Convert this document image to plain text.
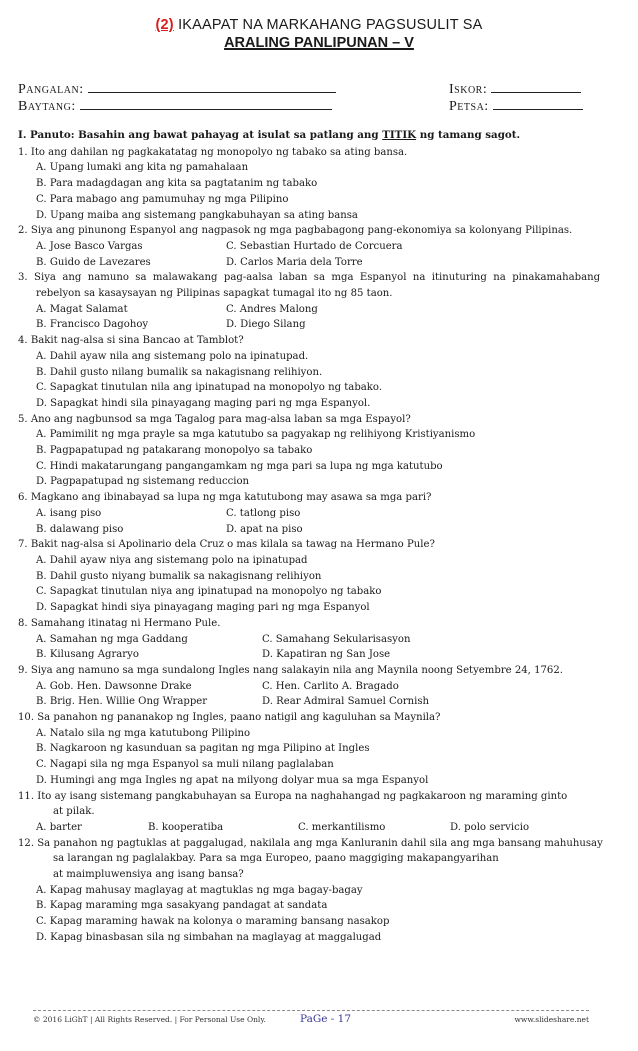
(2) IKAAPAT NA MARKAHANG PAGSUSULIT SA
ARALING PANLIPUNAN – V
Pangalan:	Iskor:
Baytang:	Petsa:
I. Panuto: Basahin ang bawat pahayag at isulat sa patlang ang TITIK ng tamang sagot.
1. Ito ang dahilan ng pagkakatatag ng monopolyo ng tabako sa ating bansa.
A. Upang lumaki ang kita ng pamahalaan
B. Para madagdagan ang kita sa pagtatanim ng tabako
C. Para mabago ang pamumuhay ng mga Pilipino
D. Upang maiba ang sistemang pangkabuhayan sa ating bansa
2. Siya ang pinunong Espanyol ang nagpasok ng mga pagbabagong pang-ekonomiya sa kolonyang Pilipinas.
A. Jose Basco Vargas	C. Sebastian Hurtado de Corcuera
B. Guido de Lavezares	D. Carlos Maria dela Torre
3.  Siya  ang  namuno  sa  malawakang  pag-aalsa  laban  sa  mga  Espanyol  na  itinuturing  na  pinakamahabang
rebelyon sa kasaysayan ng Pilipinas sapagkat tumagal ito ng 85 taon.
A. Magat Salamat	C. Andres Malong
B. Francisco Dagohoy	D. Diego Silang
4. Bakit nag-alsa si sina Bancao at Tamblot?
A. Dahil ayaw nila ang sistemang polo na ipinatupad.
B. Dahil gusto nilang bumalik sa nakagisnang relihiyon.
C. Sapagkat tinutulan nila ang ipinatupad na monopolyo ng tabako.
D. Sapagkat hindi sila pinayagang maging pari ng mga Espanyol.
5. Ano ang nagbunsod sa mga Tagalog para mag-alsa laban sa mga Espayol?
A. Pamimilit ng mga prayle sa mga katutubo sa pagyakap ng relihiyong Kristiyanismo
B. Pagpapatupad ng patakarang monopolyo sa tabako
C. Hindi makatarungang pangangamkam ng mga pari sa lupa ng mga katutubo
D. Pagpapatupad ng sistemang reduccion
6. Magkano ang ibinabayad sa lupa ng mga katutubong may asawa sa mga pari?
A. isang piso	C. tatlong piso
B. dalawang piso	D. apat na piso
7. Bakit nag-alsa si Apolinario dela Cruz o mas kilala sa tawag na Hermano Pule?
A. Dahil ayaw niya ang sistemang polo na ipinatupad
B. Dahil gusto niyang bumalik sa nakagisnang relihiyon
C. Sapagkat tinutulan niya ang ipinatupad na monopolyo ng tabako
D. Sapagkat hindi siya pinayagang maging pari ng mga Espanyol
8. Samahang itinatag ni Hermano Pule.
A. Samahan ng mga Gaddang	C. Samahang Sekularisasyon
B. Kilusang Agraryo	D. Kapatiran ng San Jose
9. Siya ang namuno sa mga sundalong Ingles nang salakayin nila ang Maynila noong Setyembre 24, 1762.
A. Gob. Hen. Dawsonne Drake	C. Hen. Carlito A. Bragado
B. Brig. Hen. Willie Ong Wrapper	D. Rear Admiral Samuel Cornish
10. Sa panahon ng pananakop ng Ingles, paano natigil ang kaguluhan sa Maynila?
A. Natalo sila ng mga katutubong Pilipino
B. Nagkaroon ng kasunduan sa pagitan ng mga Pilipino at Ingles
C. Nagapi sila ng mga Espanyol sa muli nilang paglalaban
D. Humingi ang mga Ingles ng apat na milyong dolyar mua sa mga Espanyol
11. Ito ay isang sistemang pangkabuhayan sa Europa na naghahangad ng pagkakaroon ng maraming ginto
at pilak.
A. barter	B. kooperatiba	C. merkantilismo	D. polo servicio
12. Sa panahon ng pagtuklas at paggalugad, nakilala ang mga Kanluranin dahil sila ang mga bansang mahuhusay
sa larangan ng paglalakbay. Para sa mga Europeo, paano maggiging makapangyarihan
at maimpluwensiya ang isang bansa?
A. Kapag mahusay maglayag at magtuklas ng mga bagay-bagay
B. Kapag maraming mga sasakyang pandagat at sandata
C. Kapag maraming hawak na kolonya o maraming bansang nasakop
D. Kapag binasbasan sila ng simbahan na maglayag at maggalugad
© 2016 LiGhT | All Rights Reserved. | For Personal Use Only.	PaGe - 17	www.slideshare.net
